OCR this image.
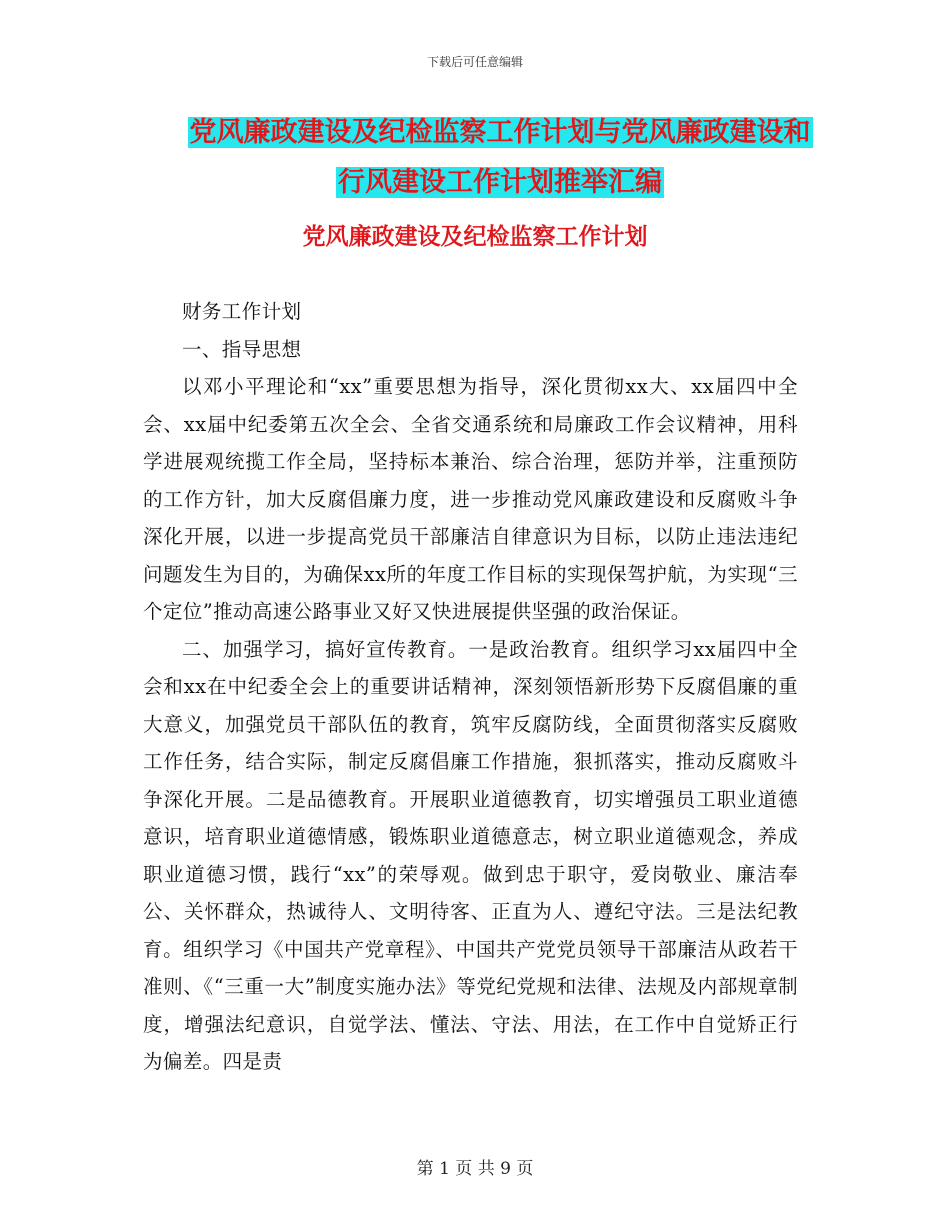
下载后可任意编辑
党风廉政建设及纪检监察工作计划与党风廉政建设和
行风建设工作计划推举汇编
党风廉政建设及纪检监察工作计划

财务工作计划

一、指导思想

以邓小平理论和“xx”重要思想为指导，深化贯彻xx大、xx届四中全会、xx届中纪委第五次全会、全省交通系统和局廉政工作会议精神，用科学进展观统揽工作全局，坚持标本兼治、综合治理，惩防并举，注重预防的工作方针，加大反腐倡廉力度，进一步推动党风廉政建设和反腐败斗争深化开展，以进一步提高党员干部廉洁自律意识为目标，以防止违法违纪问题发生为目的，为确保xx所的年度工作目标的实现保驾护航，为实现“三个定位”推动高速公路事业又好又快进展提供坚强的政治保证。

二、加强学习，搞好宣传教育。一是政治教育。组织学习xx届四中全会和xx在中纪委全会上的重要讲话精神，深刻领悟新形势下反腐倡廉的重大意义，加强党员干部队伍的教育，筑牢反腐防线，全面贯彻落实反腐败工作任务，结合实际，制定反腐倡廉工作措施，狠抓落实，推动反腐败斗争深化开展。二是品德教育。开展职业道德教育，切实增强员工职业道德意识，培育职业道德情感，锻炼职业道德意志，树立职业道德观念，养成职业道德习惯，践行“xx”的荣辱观。做到忠于职守，爱岗敬业、廉洁奉公、关怀群众，热诚待人、文明待客、正直为人、遵纪守法。三是法纪教育。组织学习《中国共产党章程》、中国共产党党员领导干部廉洁从政若干准则、《“三重一大”制度实施办法》等党纪党规和法律、法规及内部规章制度，增强法纪意识，自觉学法、懂法、守法、用法，在工作中自觉矫正行为偏差。四是责

第 1 页 共 9 页
